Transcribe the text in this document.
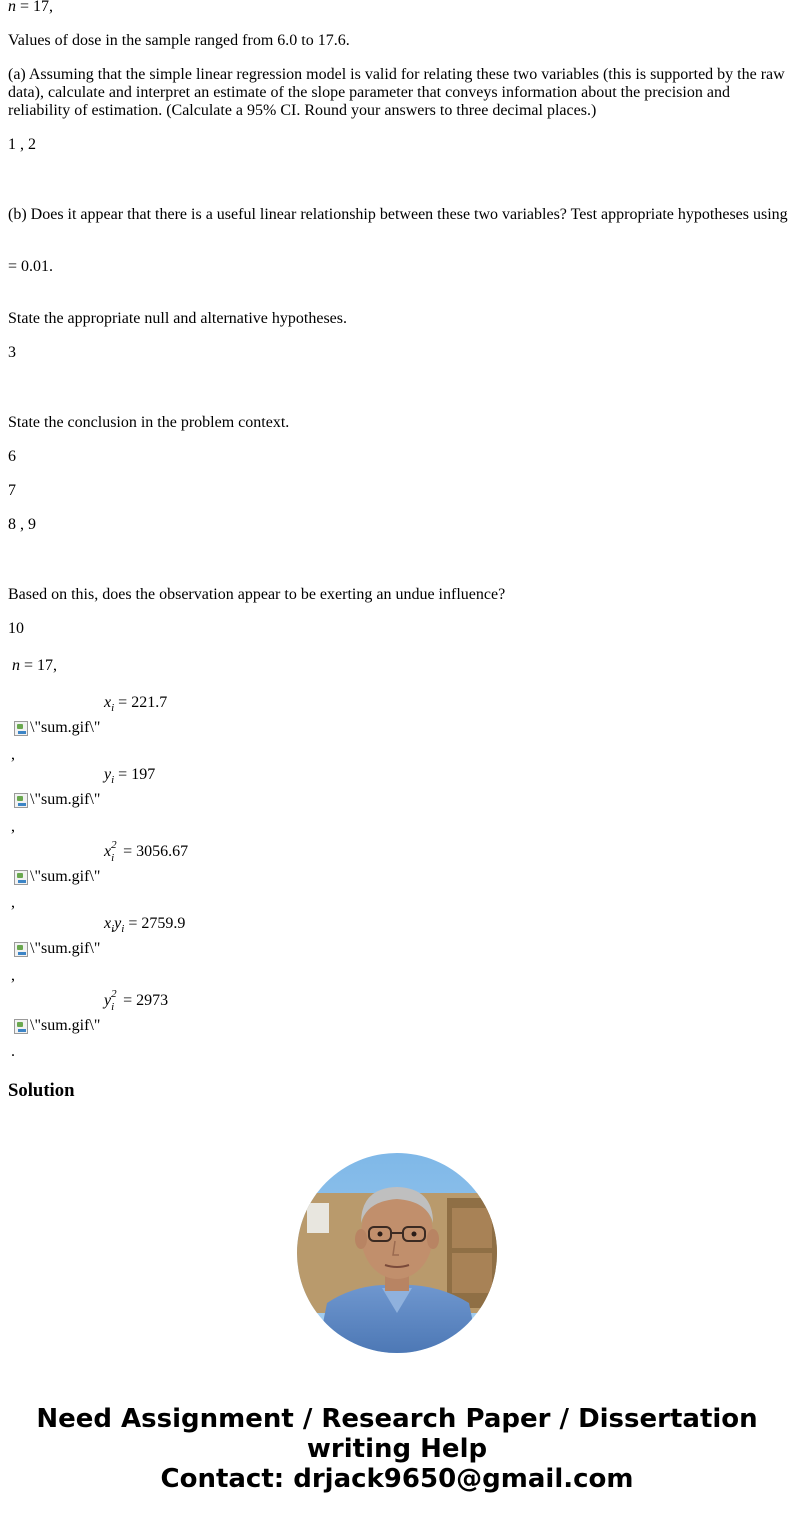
n = 17,
Values of dose in the sample ranged from 6.0 to 17.6.
(a) Assuming that the simple linear regression model is valid for relating these two variables (this is supported by the raw data), calculate and interpret an estimate of the slope parameter that conveys information about the precision and reliability of estimation. (Calculate a 95% CI. Round your answers to three decimal places.)
1 , 2
(b) Does it appear that there is a useful linear relationship between these two variables? Test appropriate hypotheses using
= 0.01.
State the appropriate null and alternative hypotheses.
3
State the conclusion in the problem context.
6
7
8 , 9
Based on this, does the observation appear to be exerting an undue influence?
10
n = 17,
$x_i = 221.7$
\"sum.gif\"
,
$y_i = 197$
\"sum.gif\"
,
x 2
i = 3056.67
\"sum.gif\"
,
$x_iy_i = 2759.9$
\"sum.gif\"
,
y 2
i = 2973
\"sum.gif\"
.
Solution
Need Assignment / Research Paper / Dissertation
writing Help
Contact: drjack9650@gmail.com
